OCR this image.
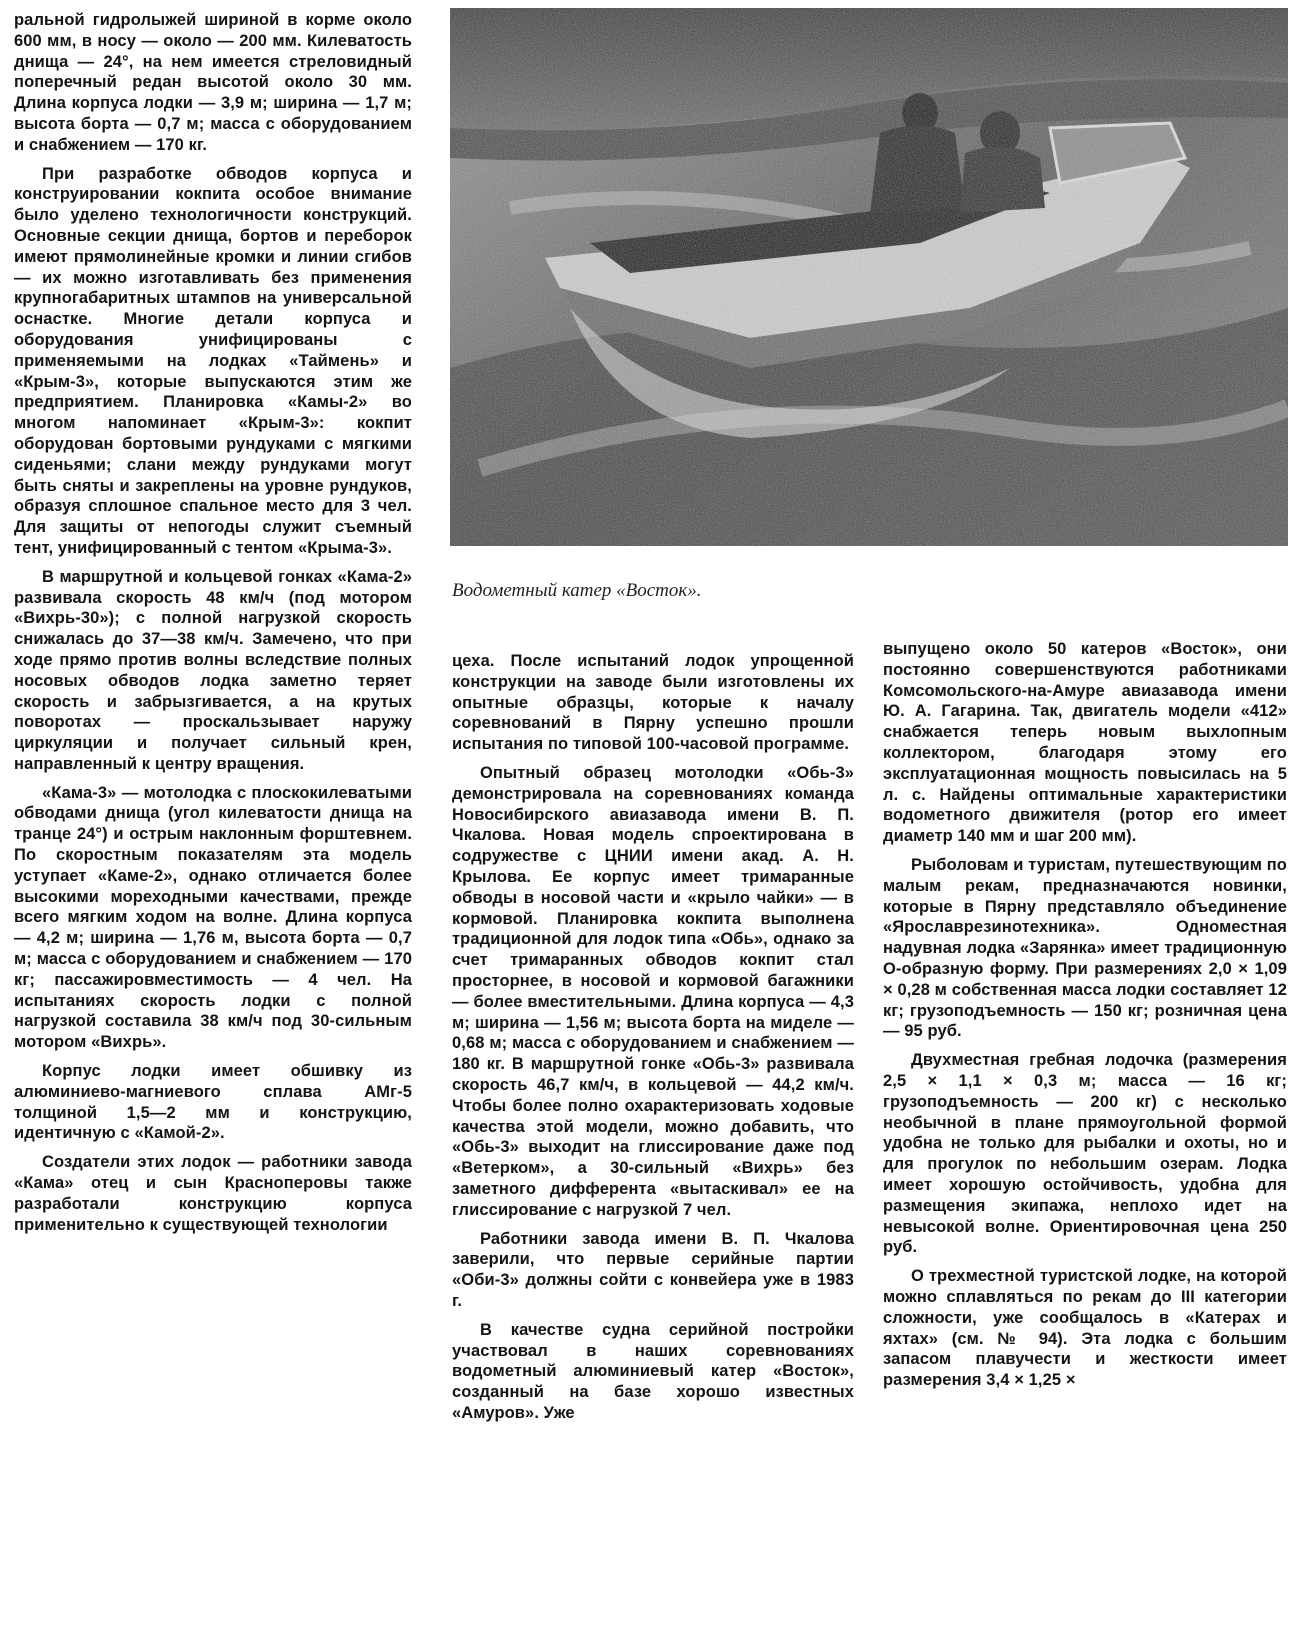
ральной гидролыжей шириной в корме около 600 мм, в носу — около — 200 мм. Килеватость днища — 24°, на нем имеется стреловидный поперечный редан высотой около 30 мм. Длина корпуса лодки — 3,9 м; ширина — 1,7 м; высота борта — 0,7 м; масса с оборудованием и снабжением — 170 кг.

При разработке обводов корпуса и конструировании кокпита особое внимание было уделено технологичности конструкций. Основные секции днища, бортов и переборок имеют прямолинейные кромки и линии сгибов — их можно изготавливать без применения крупногабаритных штампов на универсальной оснастке. Многие детали корпуса и оборудования унифицированы с применяемыми на лодках «Таймень» и «Крым-3», которые выпускаются этим же предприятием. Планировка «Камы-2» во многом напоминает «Крым-3»: кокпит оборудован бортовыми рундуками с мягкими сиденьями; слани между рундуками могут быть сняты и закреплены на уровне рундуков, образуя сплошное спальное место для 3 чел. Для защиты от непогоды служит съемный тент, унифицированный с тентом «Крыма-3».

В маршрутной и кольцевой гонках «Кама-2» развивала скорость 48 км/ч (под мотором «Вихрь-30»); с полной нагрузкой скорость снижалась до 37—38 км/ч. Замечено, что при ходе прямо против волны вследствие полных носовых обводов лодка заметно теряет скорость и забрызгивается, а на крутых поворотах — проскальзывает наружу циркуляции и получает сильный крен, направленный к центру вращения.

«Кама-3» — мотолодка с плоскокилеватыми обводами днища (угол килеватости днища на транце 24°) и острым наклонным форштевнем. По скоростным показателям эта модель уступает «Каме-2», однако отличается более высокими мореходными качествами, прежде всего мягким ходом на волне. Длина корпуса — 4,2 м; ширина — 1,76 м, высота борта — 0,7 м; масса с оборудованием и снабжением — 170 кг; пассажировместимость — 4 чел. На испытаниях скорость лодки с полной нагрузкой составила 38 км/ч под 30-сильным мотором «Вихрь».

Корпус лодки имеет обшивку из алюминиево-магниевого сплава АМг-5 толщиной 1,5—2 мм и конструкцию, идентичную с «Камой-2».

Создатели этих лодок — работники завода «Кама» отец и сын Красноперовы также разработали конструкцию корпуса применительно к существующей технологии

Водометный катер «Восток».

цеха. После испытаний лодок упрощенной конструкции на заводе были изготовлены их опытные образцы, которые к началу соревнований в Пярну успешно прошли испытания по типовой 100-часовой программе.

Опытный образец мотолодки «Обь-3» демонстрировала на соревнованиях команда Новосибирского авиазавода имени В. П. Чкалова. Новая модель спроектирована в содружестве с ЦНИИ имени акад. А. Н. Крылова. Ее корпус имеет тримаранные обводы в носовой части и «крыло чайки» — в кормовой. Планировка кокпита выполнена традиционной для лодок типа «Обь», однако за счет тримаранных обводов кокпит стал просторнее, в носовой и кормовой багажники — более вместительными. Длина корпуса — 4,3 м; ширина — 1,56 м; высота борта на миделе — 0,68 м; масса с оборудованием и снабжением — 180 кг. В маршрутной гонке «Обь-3» развивала скорость 46,7 км/ч, в кольцевой — 44,2 км/ч. Чтобы более полно охарактеризовать ходовые качества этой модели, можно добавить, что «Обь-3» выходит на глиссирование даже под «Ветерком», а 30-сильный «Вихрь» без заметного дифферента «вытаскивал» ее на глиссирование с нагрузкой 7 чел.

Работники завода имени В. П. Чкалова заверили, что первые серийные партии «Оби-3» должны сойти с конвейера уже в 1983 г.

В качестве судна серийной постройки участвовал в наших соревнованиях водометный алюминиевый катер «Восток», созданный на базе хорошо известных «Амуров». Уже

выпущено около 50 катеров «Восток», они постоянно совершенствуются работниками Комсомольского-на-Амуре авиазавода имени Ю. А. Гагарина. Так, двигатель модели «412» снабжается теперь новым выхлопным коллектором, благодаря этому его эксплуатационная мощность повысилась на 5 л. с. Найдены оптимальные характеристики водометного движителя (ротор его имеет диаметр 140 мм и шаг 200 мм).

Рыболовам и туристам, путешествующим по малым рекам, предназначаются новинки, которые в Пярну представляло объединение «Ярославрезинотехника». Одноместная надувная лодка «Зарянка» имеет традиционную О-образную форму. При размерениях 2,0 × 1,09 × 0,28 м собственная масса лодки составляет 12 кг; грузоподъемность — 150 кг; розничная цена — 95 руб.

Двухместная гребная лодочка (размерения 2,5 × 1,1 × 0,3 м; масса — 16 кг; грузоподъемность — 200 кг) с несколько необычной в плане прямоугольной формой удобна не только для рыбалки и охоты, но и для прогулок по небольшим озерам. Лодка имеет хорошую остойчивость, удобна для размещения экипажа, неплохо идет на невысокой волне. Ориентировочная цена 250 руб.

О трехместной туристской лодке, на которой можно сплавляться по рекам до III категории сложности, уже сообщалось в «Катерах и яхтах» (см. № 94). Эта лодка с большим запасом плавучести и жесткости имеет размерения 3,4 × 1,25 ×
